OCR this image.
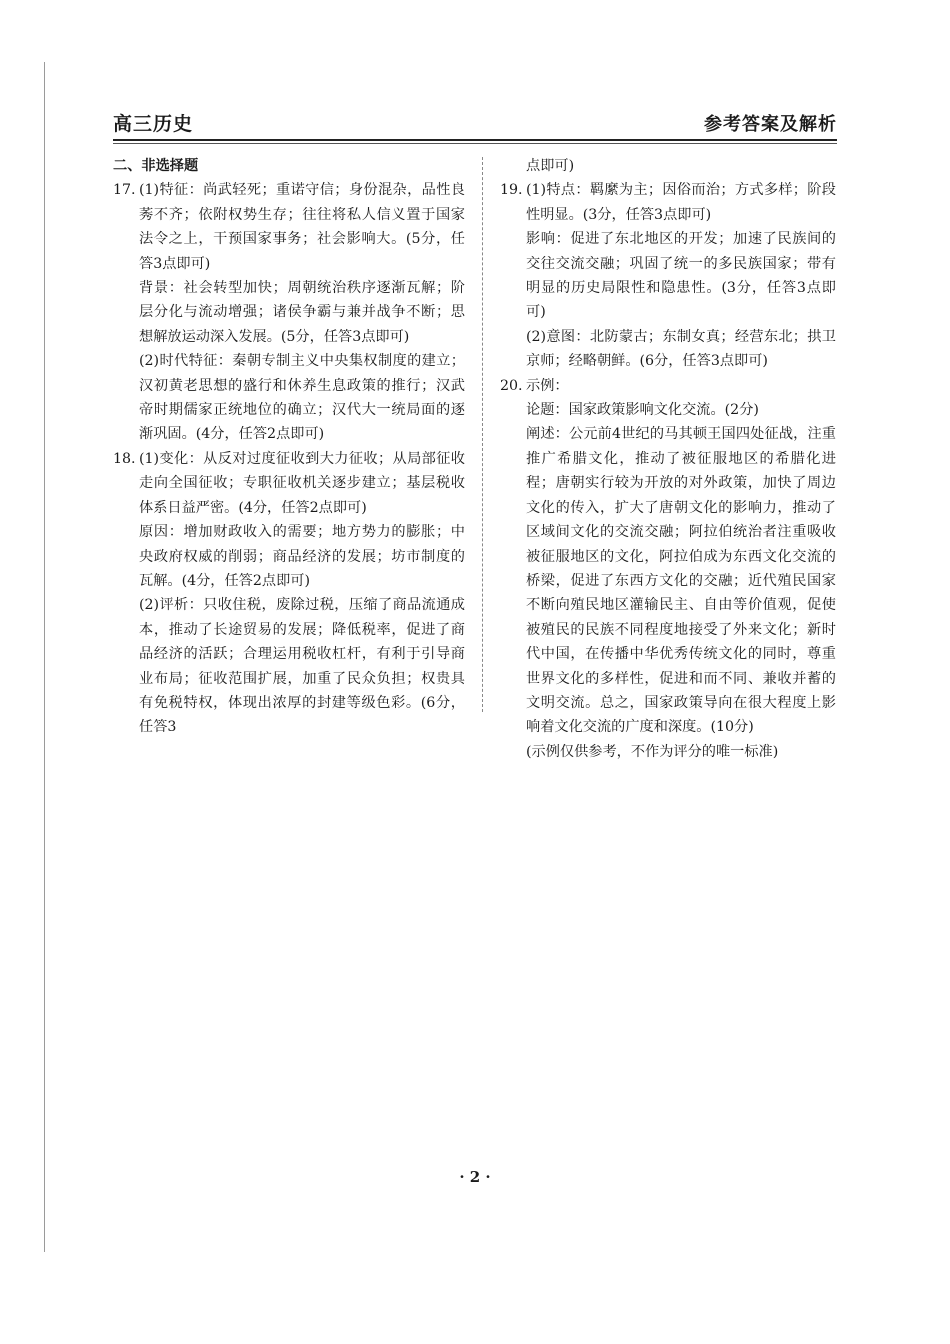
高三历史	参考答案及解析
二、非选择题
17. (1)特征：尚武轻死；重诺守信；身份混杂，品性良莠不齐；依附权势生存；往往将私人信义置于国家法令之上，干预国家事务；社会影响大。(5分，任答3点即可)
背景：社会转型加快；周朝统治秩序逐渐瓦解；阶层分化与流动增强；诸侯争霸与兼并战争不断；思想解放运动深入发展。(5分，任答3点即可)
(2)时代特征：秦朝专制主义中央集权制度的建立；汉初黄老思想的盛行和休养生息政策的推行；汉武帝时期儒家正统地位的确立；汉代大一统局面的逐渐巩固。(4分，任答2点即可)
18. (1)变化：从反对过度征收到大力征收；从局部征收走向全国征收；专职征收机关逐步建立；基层税收体系日益严密。(4分，任答2点即可)
原因：增加财政收入的需要；地方势力的膨胀；中央政府权威的削弱；商品经济的发展；坊市制度的瓦解。(4分，任答2点即可)
(2)评析：只收住税，废除过税，压缩了商品流通成本，推动了长途贸易的发展；降低税率，促进了商品经济的活跃；合理运用税收杠杆，有利于引导商业布局；征收范围扩展，加重了民众负担；权贵具有免税特权，体现出浓厚的封建等级色彩。(6分，任答3
点即可)
19. (1)特点：羁縻为主；因俗而治；方式多样；阶段性明显。(3分，任答3点即可)
影响：促进了东北地区的开发；加速了民族间的交往交流交融；巩固了统一的多民族国家；带有明显的历史局限性和隐患性。(3分，任答3点即可)
(2)意图：北防蒙古；东制女真；经营东北；拱卫京师；经略朝鲜。(6分，任答3点即可)
20. 示例：
论题：国家政策影响文化交流。(2分)
阐述：公元前4世纪的马其顿王国四处征战，注重推广希腊文化，推动了被征服地区的希腊化进程；唐朝实行较为开放的对外政策，加快了周边文化的传入，扩大了唐朝文化的影响力，推动了区域间文化的交流交融；阿拉伯统治者注重吸收被征服地区的文化，阿拉伯成为东西文化交流的桥梁，促进了东西方文化的交融；近代殖民国家不断向殖民地区灌输民主、自由等价值观，促使被殖民的民族不同程度地接受了外来文化；新时代中国，在传播中华优秀传统文化的同时，尊重世界文化的多样性，促进和而不同、兼收并蓄的文明交流。总之，国家政策导向在很大程度上影响着文化交流的广度和深度。(10分)
(示例仅供参考，不作为评分的唯一标准)
· 2 ·
